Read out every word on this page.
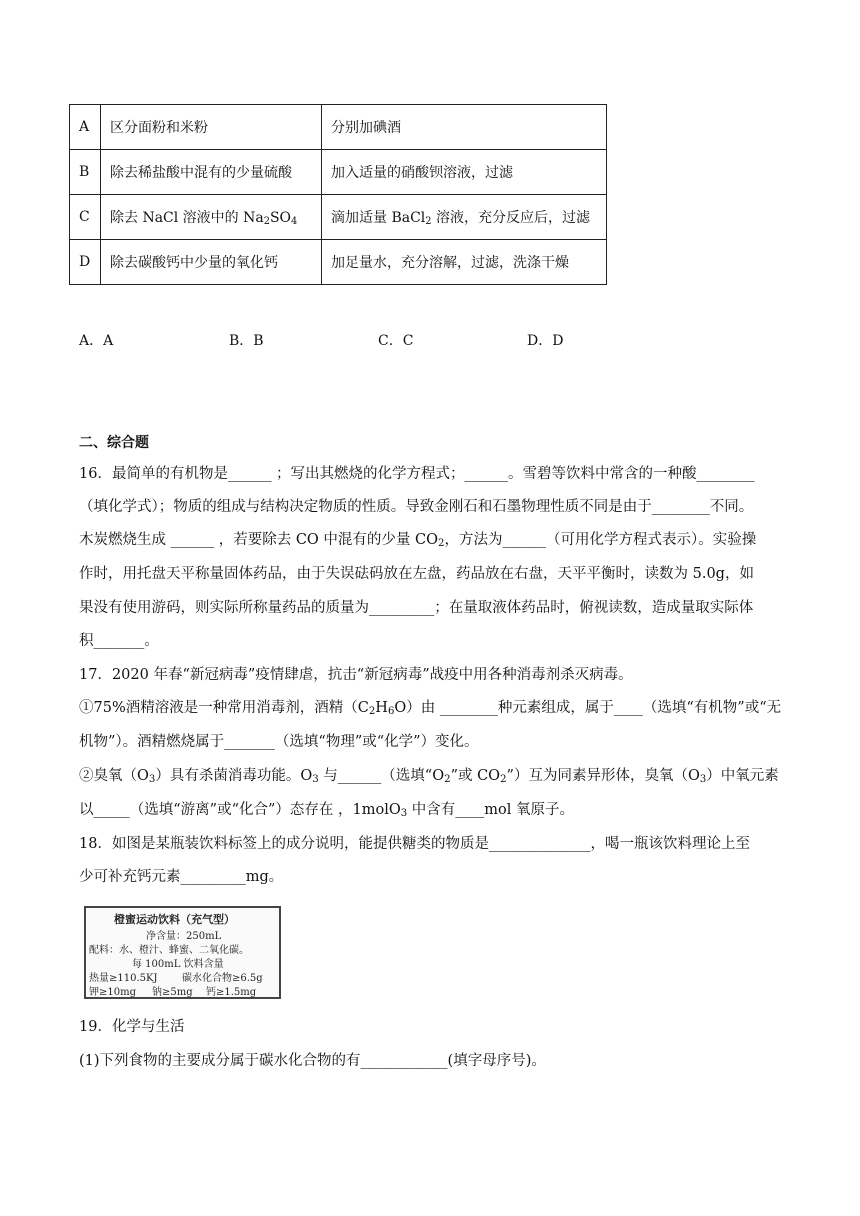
A	区分面粉和米粉	分别加碘酒
B	除去稀盐酸中混有的少量硫酸	加入适量的硝酸钡溶液，过滤
C	除去 NaCl 溶液中的 $Na_2SO_4$	滴加适量 BaCl$_2$ 溶液，充分反应后，过滤
D	除去碳酸钙中少量的氧化钙	加足量水，充分溶解，过滤，洗涤干燥
A．A	B．B	C．C	D．D
二、综合题
16．最简单的有机物是______ ；写出其燃烧的化学方程式；______。雪碧等饮料中常含的一种酸________
（填化学式）；物质的组成与结构决定物质的性质。导致金刚石和石墨物理性质不同是由于________不同。
木炭燃烧生成 ______ ，若要除去 CO 中混有的少量 $CO_2$，方法为______（可用化学方程式表示）。实验操
作时，用托盘天平称量固体药品，由于失误砝码放在左盘，药品放在右盘，天平平衡时，读数为 5.0g，如
果没有使用游码，则实际所称量药品的质量为_________；在量取液体药品时，俯视读数，造成量取实际体
积_______。
17．2020 年春“新冠病毒”疫情肆虐，抗击“新冠病毒”战疫中用各种消毒剂杀灭病毒。
①75%酒精溶液是一种常用消毒剂，酒精$(C_2H_6O)$由 ________种元素组成，属于____（选填“有机物”或“无
机物”）。酒精燃烧属于_______（选填“物理”或“化学”）变化。
②臭氧$(O_3)$具有杀菌消毒功能。$O_3$ 与______（选填“$O_2$”或 $CO_2$”）互为同素异形体，臭氧$(O_3)$中氧元素
以_____（选填“游离”或“化合”）态存在 ，1molO$_3$ 中含有____mol 氧原子。
18．如图是某瓶装饮料标签上的成分说明，能提供糖类的物质是______________，喝一瓶该饮料理论上至
少可补充钙元素_________mg。
橙蜜运动饮料（充气型）
净含量：250mL
配料：水、橙汁、蜂蜜、二氧化碳。
每 100mL 饮料含量
热量≥110.5KJ 碳水化合物≥6.5g
钾≥10mg 钠≥5mg 钙≥1.5mg
19．化学与生活
(1)下列食物的主要成分属于碳水化合物的有____________(填字母序号)。
